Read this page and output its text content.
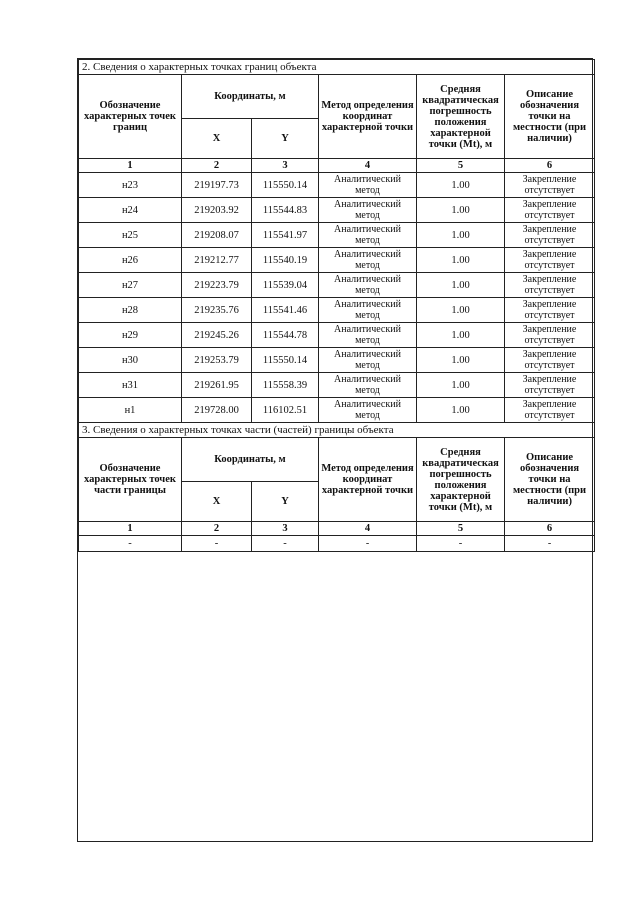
2. Сведения о характерных точках границ объекта					
Обозначение характерных точек границ	Координаты, м		Метод определения координат характерной точки	Средняя квадратическая погрешность положения характерной точки (Mt), м	Описание обозначения точки на местности (при наличии)
	X	Y			
1	2	3	4	5	6
н23	219197.73	115550.14	Аналитический метод	1.00	Закрепление отсутствует
н24	219203.92	115544.83	Аналитический метод	1.00	Закрепление отсутствует
н25	219208.07	115541.97	Аналитический метод	1.00	Закрепление отсутствует
н26	219212.77	115540.19	Аналитический метод	1.00	Закрепление отсутствует
н27	219223.79	115539.04	Аналитический метод	1.00	Закрепление отсутствует
н28	219235.76	115541.46	Аналитический метод	1.00	Закрепление отсутствует
н29	219245.26	115544.78	Аналитический метод	1.00	Закрепление отсутствует
н30	219253.79	115550.14	Аналитический метод	1.00	Закрепление отсутствует
н31	219261.95	115558.39	Аналитический метод	1.00	Закрепление отсутствует
н1	219728.00	116102.51	Аналитический метод	1.00	Закрепление отсутствует
3. Сведения о характерных точках части (частей) границы объекта					
Обозначение характерных точек части границы	Координаты, м		Метод определения координат характерной точки	Средняя квадратическая погрешность положения характерной точки (Mt), м	Описание обозначения точки на местности (при наличии)
	X	Y			
1	2	3	4	5	6
-	-	-	-	-	-
